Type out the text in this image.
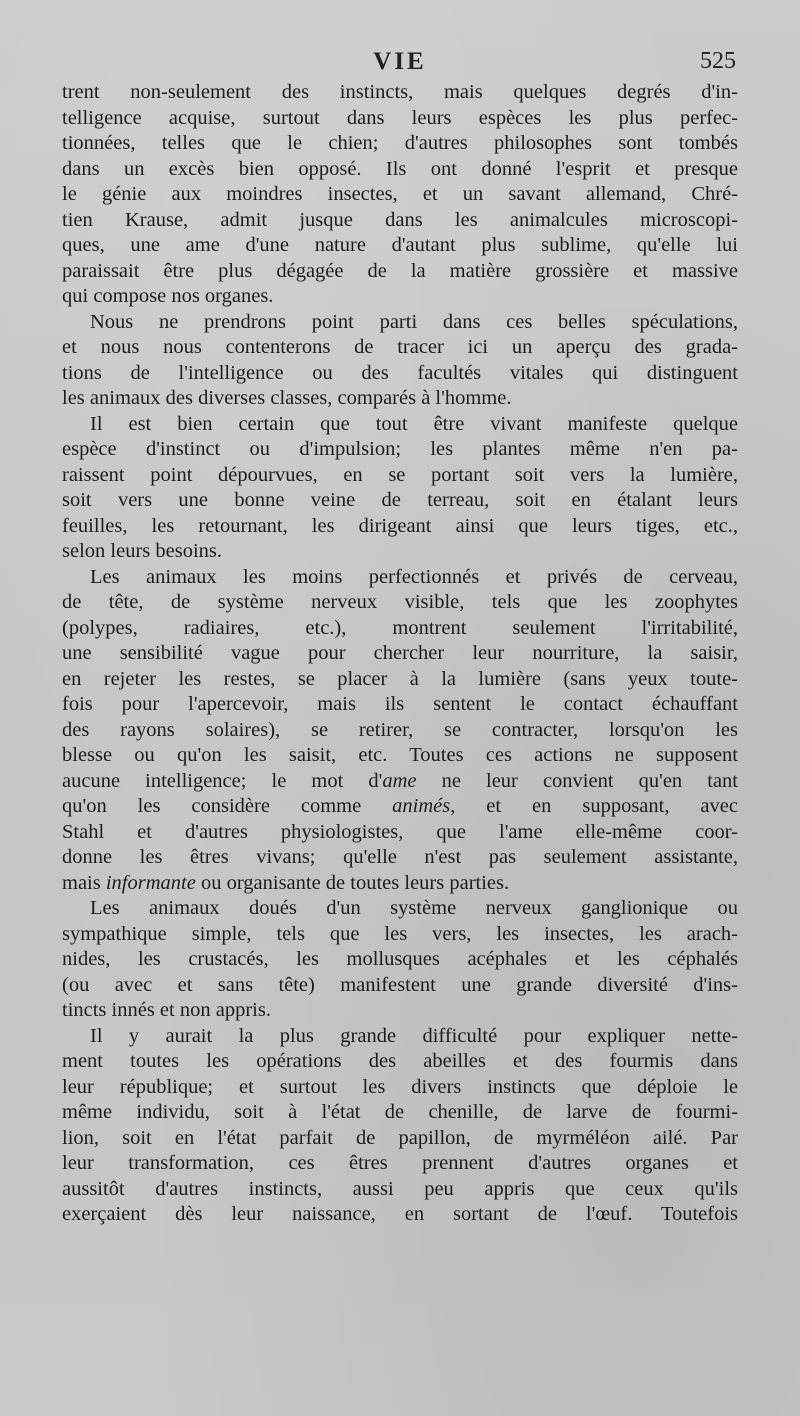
VIE	525
trent non-seulement des instincts, mais quelques degrés d'in-
telligence acquise, surtout dans leurs espèces les plus perfec-
tionnées, telles que le chien; d'autres philosophes sont tombés
dans un excès bien opposé. Ils ont donné l'esprit et presque
le génie aux moindres insectes, et un savant allemand, Chré-
tien Krause, admit jusque dans les animalcules microscopi-
ques, une ame d'une nature d'autant plus sublime, qu'elle lui
paraissait être plus dégagée de la matière grossière et massive
qui compose nos organes.
Nous ne prendrons point parti dans ces belles spéculations,
et nous nous contenterons de tracer ici un aperçu des grada-
tions de l'intelligence ou des facultés vitales qui distinguent
les animaux des diverses classes, comparés à l'homme.
Il est bien certain que tout être vivant manifeste quelque
espèce d'instinct ou d'impulsion; les plantes même n'en pa-
raissent point dépourvues, en se portant soit vers la lumière,
soit vers une bonne veine de terreau, soit en étalant leurs
feuilles, les retournant, les dirigeant ainsi que leurs tiges, etc.,
selon leurs besoins.
Les animaux les moins perfectionnés et privés de cerveau,
de tête, de système nerveux visible, tels que les zoophytes
(polypes, radiaires, etc.), montrent seulement l'irritabilité,
une sensibilité vague pour chercher leur nourriture, la saisir,
en rejeter les restes, se placer à la lumière (sans yeux toute-
fois pour l'apercevoir, mais ils sentent le contact échauffant
des rayons solaires), se retirer, se contracter, lorsqu'on les
blesse ou qu'on les saisit, etc. Toutes ces actions ne supposent
aucune intelligence; le mot d'ame ne leur convient qu'en tant
qu'on les considère comme animés, et en supposant, avec
Stahl et d'autres physiologistes, que l'ame elle-même coor-
donne les êtres vivans; qu'elle n'est pas seulement assistante,
mais informante ou organisante de toutes leurs parties.
Les animaux doués d'un système nerveux ganglionique ou
sympathique simple, tels que les vers, les insectes, les arach-
nides, les crustacés, les mollusques acéphales et les céphalés
(ou avec et sans tête) manifestent une grande diversité d'ins-
tincts innés et non appris.
Il y aurait la plus grande difficulté pour expliquer nette-
ment toutes les opérations des abeilles et des fourmis dans
leur république; et surtout les divers instincts que déploie le
même individu, soit à l'état de chenille, de larve de fourmi-
lion, soit en l'état parfait de papillon, de myrméléon ailé. Par
leur transformation, ces êtres prennent d'autres organes et
aussitôt d'autres instincts, aussi peu appris que ceux qu'ils
exerçaient dès leur naissance, en sortant de l'œuf. Toutefois
